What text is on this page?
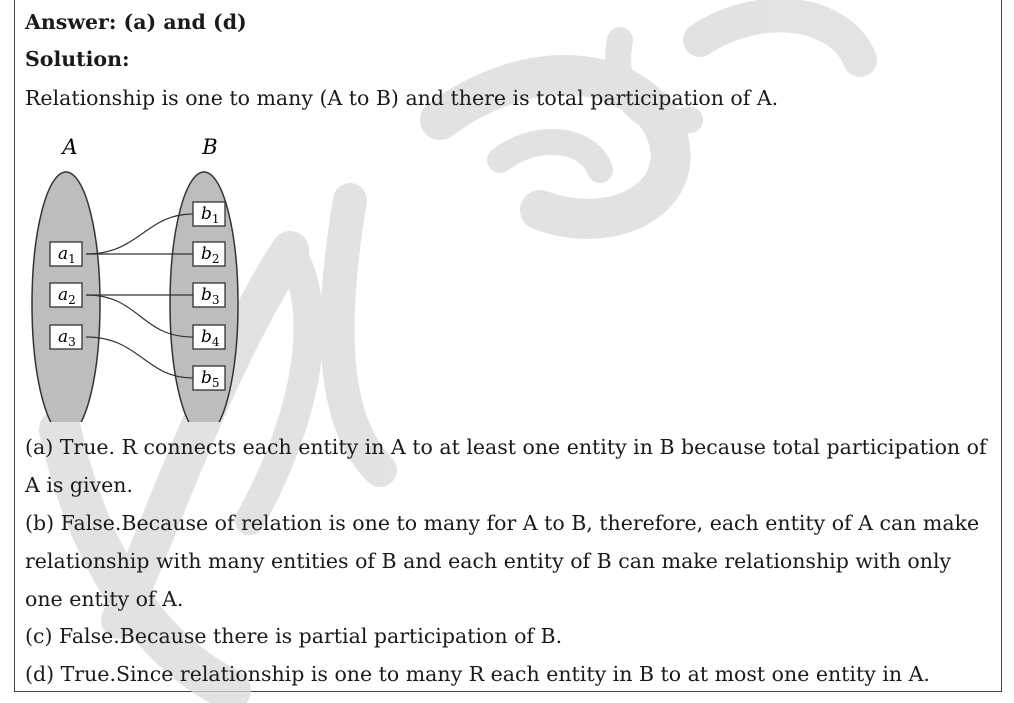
Answer: (a) and (d)
Solution:
Relationship is one to many (A to B) and there is total participation of A.
A	B
$a_1$
$a_2$
$a_3$
$b_1$
$b_2$
$b_3$
$b_4$
$b_5$
(a) True. R connects each entity in A to at least one entity in B because total participation of
A is given.
(b) False.Because of relation is one to many for A to B, therefore, each entity of A can make
relationship with many entities of B and each entity of B can make relationship with only
one entity of A.
(c) False.Because there is partial participation of B.
(d) True.Since relationship is one to many R each entity in B to at most one entity in A.
